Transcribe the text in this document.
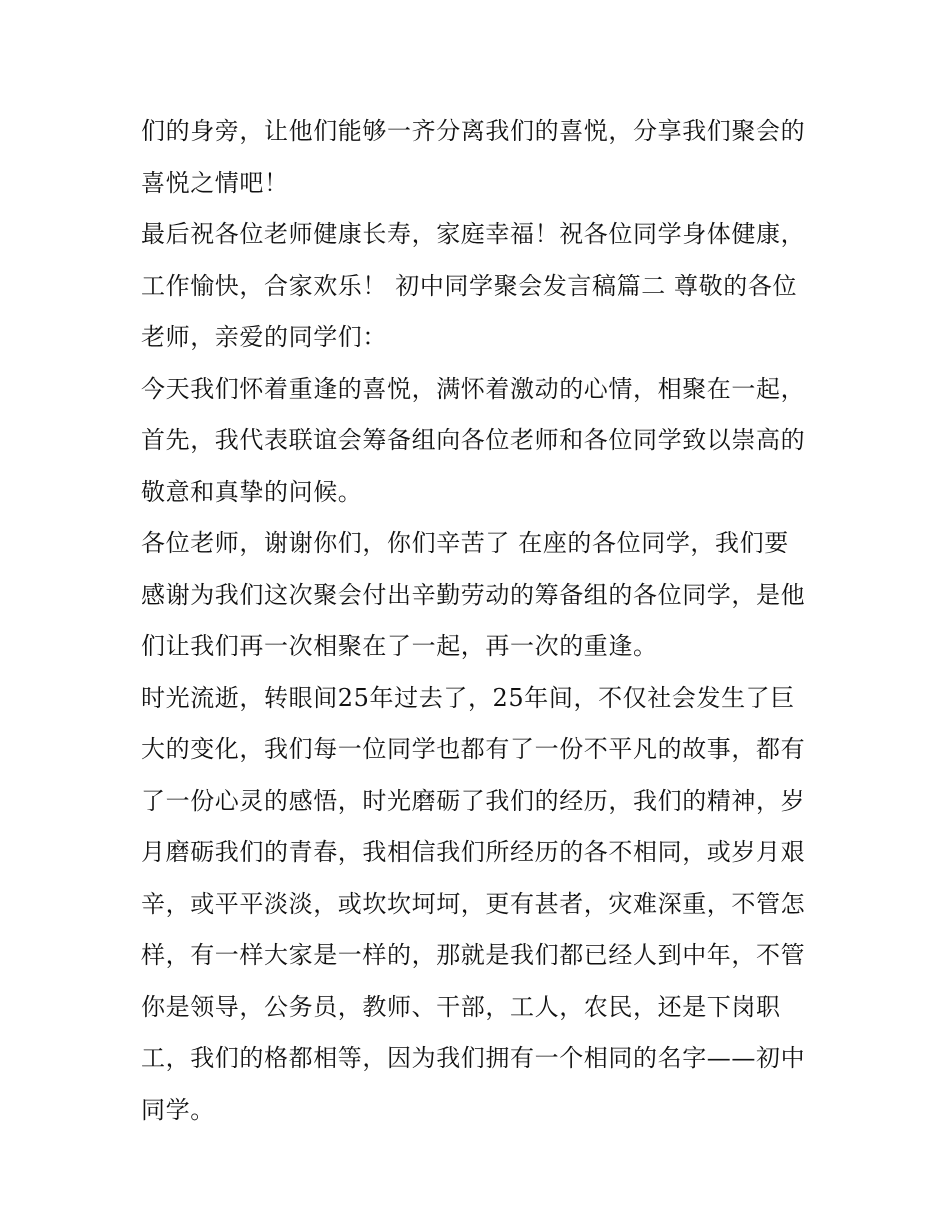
们的身旁，让他们能够一齐分离我们的喜悦，分享我们聚会的
喜悦之情吧！
最后祝各位老师健康长寿，家庭幸福！祝各位同学身体健康，
工作愉快，合家欢乐！ 初中同学聚会发言稿篇二 尊敬的各位
老师，亲爱的同学们：
今天我们怀着重逢的喜悦，满怀着激动的心情，相聚在一起，
首先，我代表联谊会筹备组向各位老师和各位同学致以崇高的
敬意和真挚的问候。
各位老师，谢谢你们，你们辛苦了 在座的各位同学，我们要
感谢为我们这次聚会付出辛勤劳动的筹备组的各位同学，是他
们让我们再一次相聚在了一起，再一次的重逢。
时光流逝，转眼间25年过去了，25年间，不仅社会发生了巨
大的变化，我们每一位同学也都有了一份不平凡的故事，都有
了一份心灵的感悟，时光磨砺了我们的经历，我们的精神，岁
月磨砺我们的青春，我相信我们所经历的各不相同，或岁月艰
辛，或平平淡淡，或坎坎坷坷，更有甚者，灾难深重，不管怎
样，有一样大家是一样的，那就是我们都已经人到中年，不管
你是领导，公务员，教师、干部，工人，农民，还是下岗职
工，我们的格都相等，因为我们拥有一个相同的名字——初中
同学。
